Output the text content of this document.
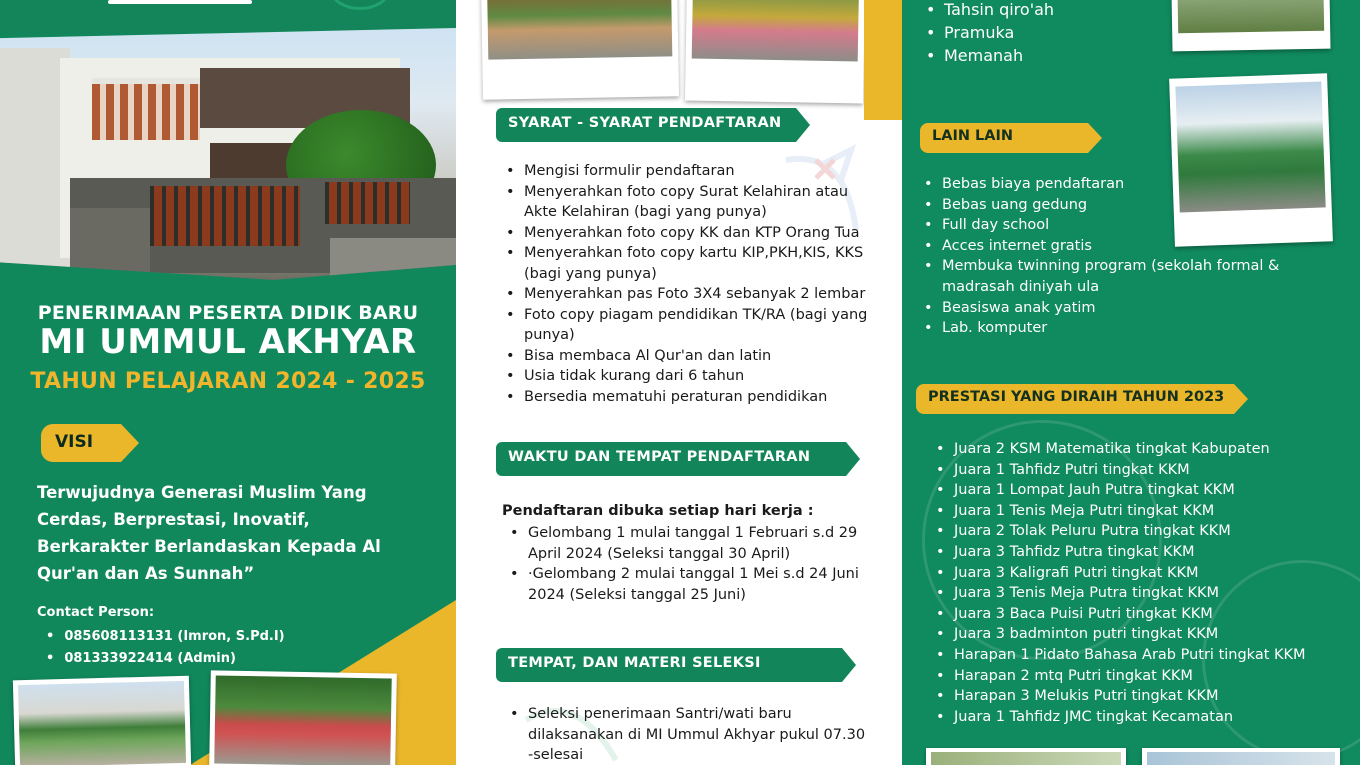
PENERIMAAN PESERTA DIDIK BARU
MI UMMUL AKHYAR
TAHUN PELAJARAN 2024 - 2025
VISI
Terwujudnya Generasi Muslim Yang
Cerdas, Berprestasi, Inovatif,
Berkarakter Berlandaskan Kepada Al
Qur'an dan As Sunnah”
Contact Person:
• 085608113131 (Imron, S.Pd.I)
• 081333922414 (Admin)
SYARAT - SYARAT PENDAFTARAN
• Mengisi formulir pendaftaran
• Menyerahkan foto copy Surat Kelahiran atau Akte Kelahiran (bagi yang punya)
• Menyerahkan foto copy KK dan KTP Orang Tua
• Menyerahkan foto copy kartu KIP,PKH,KIS, KKS (bagi yang punya)
• Menyerahkan pas Foto 3X4 sebanyak 2 lembar
• Foto copy piagam pendidikan TK/RA (bagi yang punya)
• Bisa membaca Al Qur'an dan latin
• Usia tidak kurang dari 6 tahun
• Bersedia mematuhi peraturan pendidikan
WAKTU DAN TEMPAT PENDAFTARAN
Pendaftaran dibuka setiap hari kerja :
• Gelombang 1 mulai tanggal 1 Februari s.d 29 April 2024 (Seleksi tanggal 30 April)
• ·Gelombang 2 mulai tanggal 1 Mei s.d 24 Juni 2024 (Seleksi tanggal 25 Juni)
TEMPAT, DAN MATERI SELEKSI
• Seleksi penerimaan Santri/wati baru dilaksanakan di MI Ummul Akhyar pukul 07.30 -selesai
• Tahsin qiro'ah
• Pramuka
• Memanah
LAIN LAIN
• Bebas biaya pendaftaran
• Bebas uang gedung
• Full day school
• Acces internet gratis
• Membuka twinning program (sekolah formal & madrasah diniyah ula
• Beasiswa anak yatim
• Lab. komputer
PRESTASI YANG DIRAIH TAHUN 2023
• Juara 2 KSM Matematika tingkat Kabupaten
• Juara 1 Tahfidz Putri tingkat KKM
• Juara 1 Lompat Jauh Putra tingkat KKM
• Juara 1 Tenis Meja Putri tingkat KKM
• Juara 2 Tolak Peluru Putra tingkat KKM
• Juara 3 Tahfidz Putra tingkat KKM
• Juara 3 Kaligrafi Putri tingkat KKM
• Juara 3 Tenis Meja Putra tingkat KKM
• Juara 3 Baca Puisi Putri tingkat KKM
• Juara 3 badminton putri tingkat KKM
• Harapan 1 Pidato Bahasa Arab Putri tingkat KKM
• Harapan 2 mtq Putri tingkat KKM
• Harapan 3 Melukis Putri tingkat KKM
• Juara 1 Tahfidz JMC tingkat Kecamatan
